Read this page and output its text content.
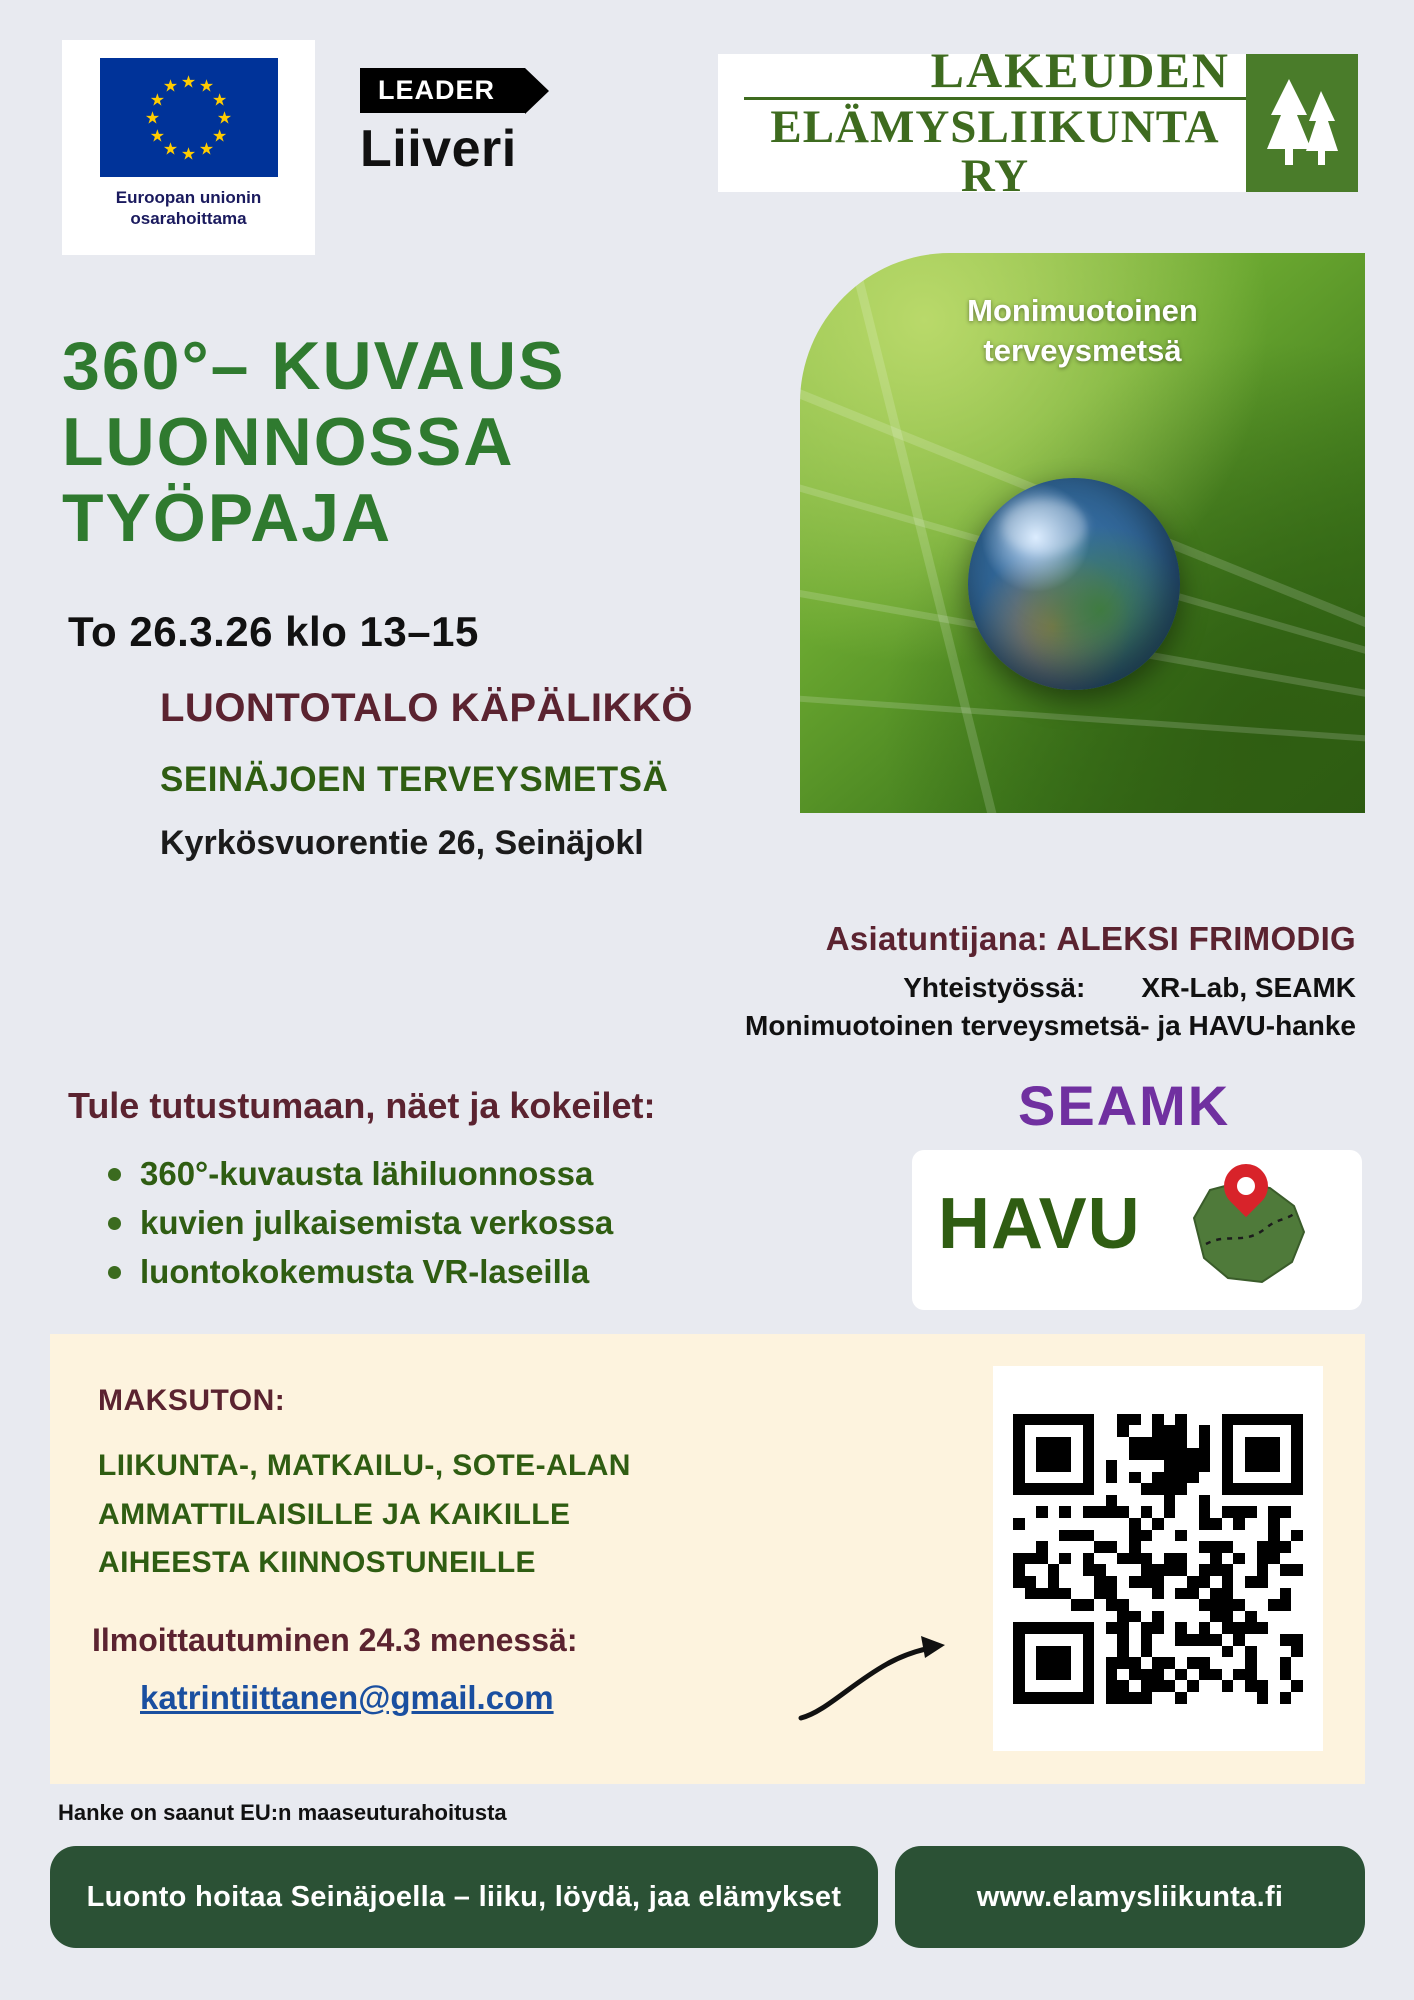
★ ★
★
★
★
★
★
★
★
★
★
★
Euroopan unionin
osarahoittama
LEADER
Liiveri
LAKEUDEN
ELÄMYSLIIKUNTA RY
Monimuotoinen
terveysmetsä
360°– KUVAUS
LUONNOSSA
TYÖPAJA
To 26.3.26 klo 13–15
LUONTOTALO KÄPÄLIKKÖ
SEINÄJOEN TERVEYSMETSÄ
Kyrkösvuorentie 26, Seinäjokl
Asiatuntijana: ALEKSI FRIMODIG
Yhteistyössä: XR-Lab, SEAMK
Monimuotoinen terveysmetsä- ja HAVU-hanke
Tule tutustumaan, näet ja kokeilet:
360°-kuvausta lähiluonnossa
kuvien julkaisemista verkossa
luontokokemusta VR-laseilla
SEAMK
HAVU
MAKSUTON:
LIIKUNTA-, MATKAILU-, SOTE-ALAN
AMMATTILAISILLE JA KAIKILLE
AIHEESTA KIINNOSTUNEILLE
Ilmoittautuminen 24.3 menessä:
katrintiittanen@gmail.com
Hanke on saanut EU:n maaseuturahoitusta
Luonto hoitaa Seinäjoella – liiku, löydä, jaa elämykset	www.elamysliikunta.fi
